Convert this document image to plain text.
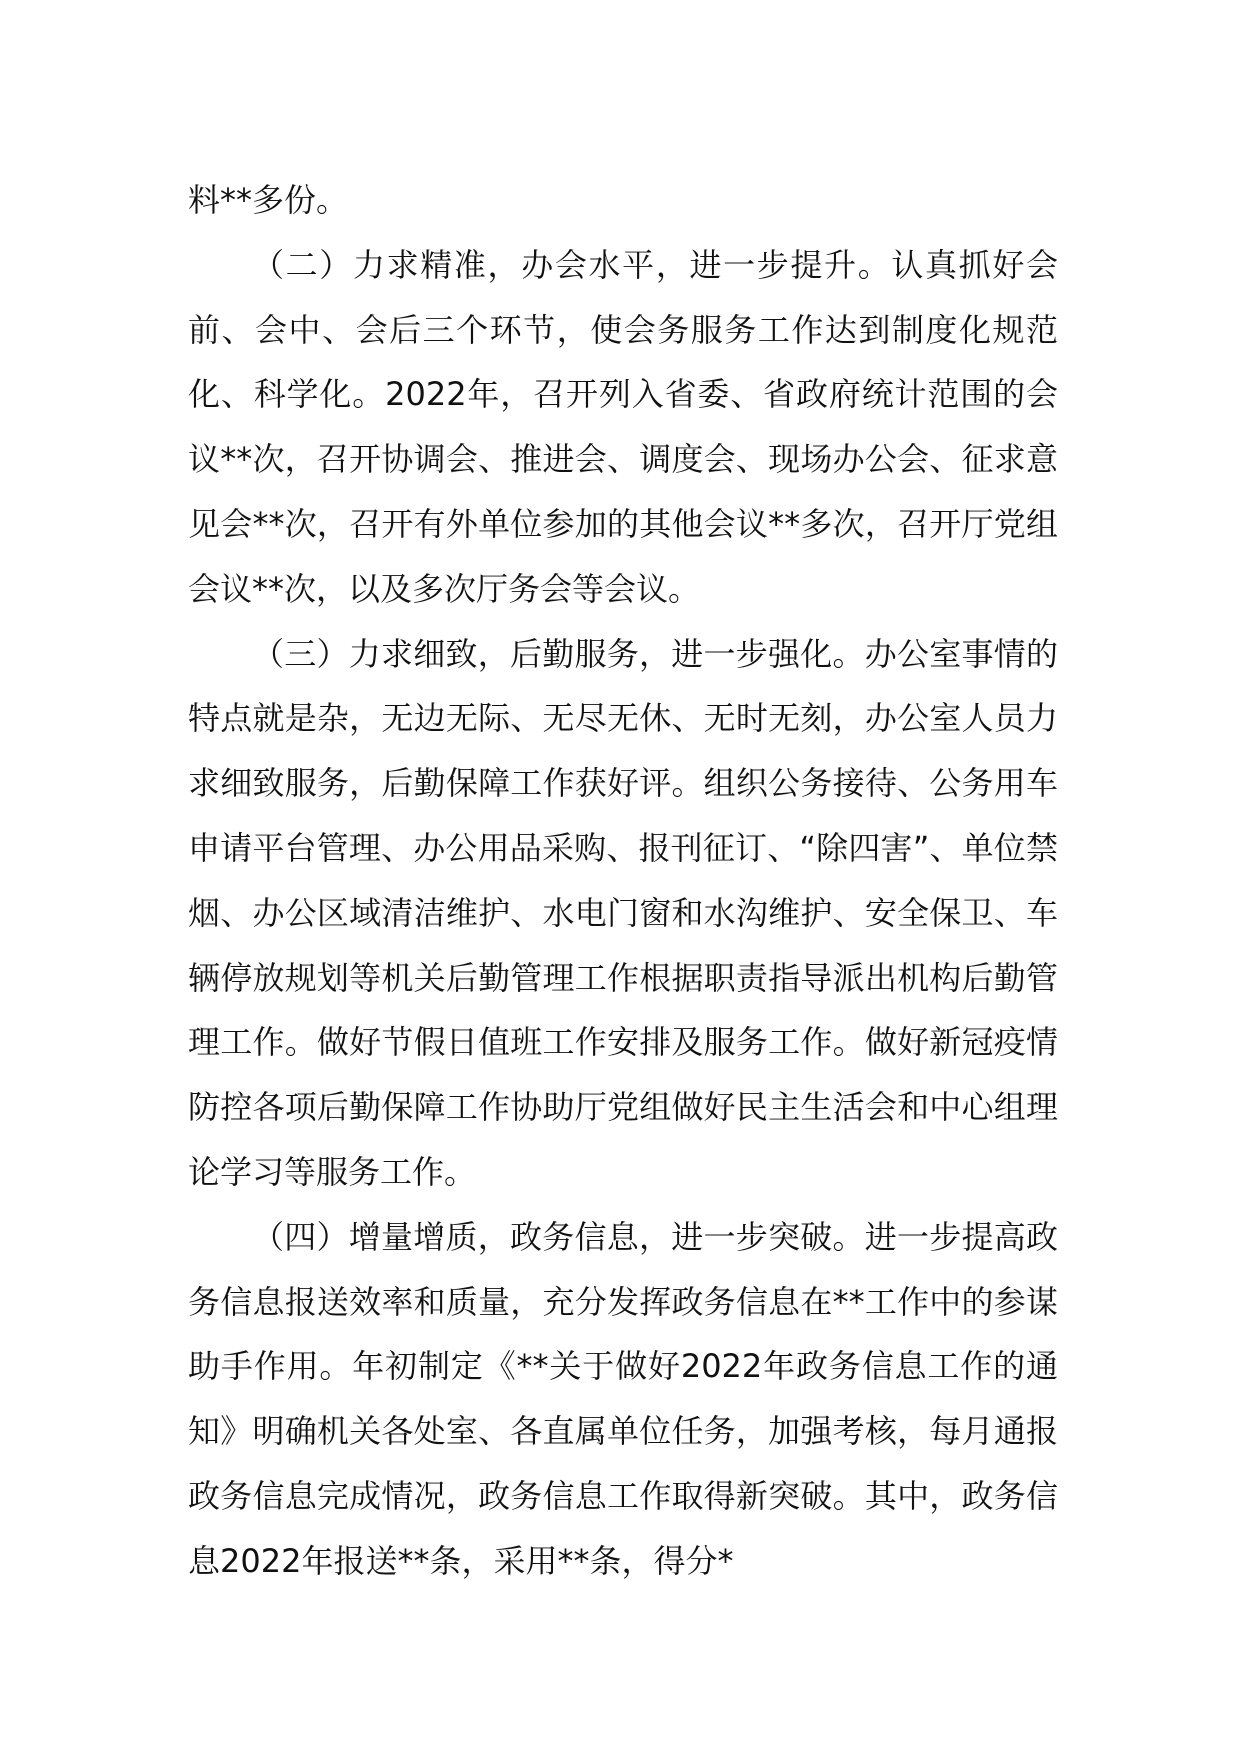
料**多份。

（二）力求精准，办会水平，进一步提升。认真抓好会前、会中、会后三个环节，使会务服务工作达到制度化规范化、科学化。2022年，召开列入省委、省政府统计范围的会议**次，召开协调会、推进会、调度会、现场办公会、征求意见会**次，召开有外单位参加的其他会议**多次，召开厅党组会议**次，以及多次厅务会等会议。

（三）力求细致，后勤服务，进一步强化。办公室事情的特点就是杂，无边无际、无尽无休、无时无刻，办公室人员力求细致服务，后勤保障工作获好评。组织公务接待、公务用车申请平台管理、办公用品采购、报刊征订、“除四害”、单位禁烟、办公区域清洁维护、水电门窗和水沟维护、安全保卫、车辆停放规划等机关后勤管理工作根据职责指导派出机构后勤管理工作。做好节假日值班工作安排及服务工作。做好新冠疫情防控各项后勤保障工作协助厅党组做好民主生活会和中心组理论学习等服务工作。

（四）增量增质，政务信息，进一步突破。进一步提高政务信息报送效率和质量，充分发挥政务信息在**工作中的参谋助手作用。年初制定《**关于做好2022年政务信息工作的通知》明确机关各处室、各直属单位任务，加强考核，每月通报政务信息完成情况，政务信息工作取得新突破。其中，政务信息2022年报送**条，采用**条，得分*
